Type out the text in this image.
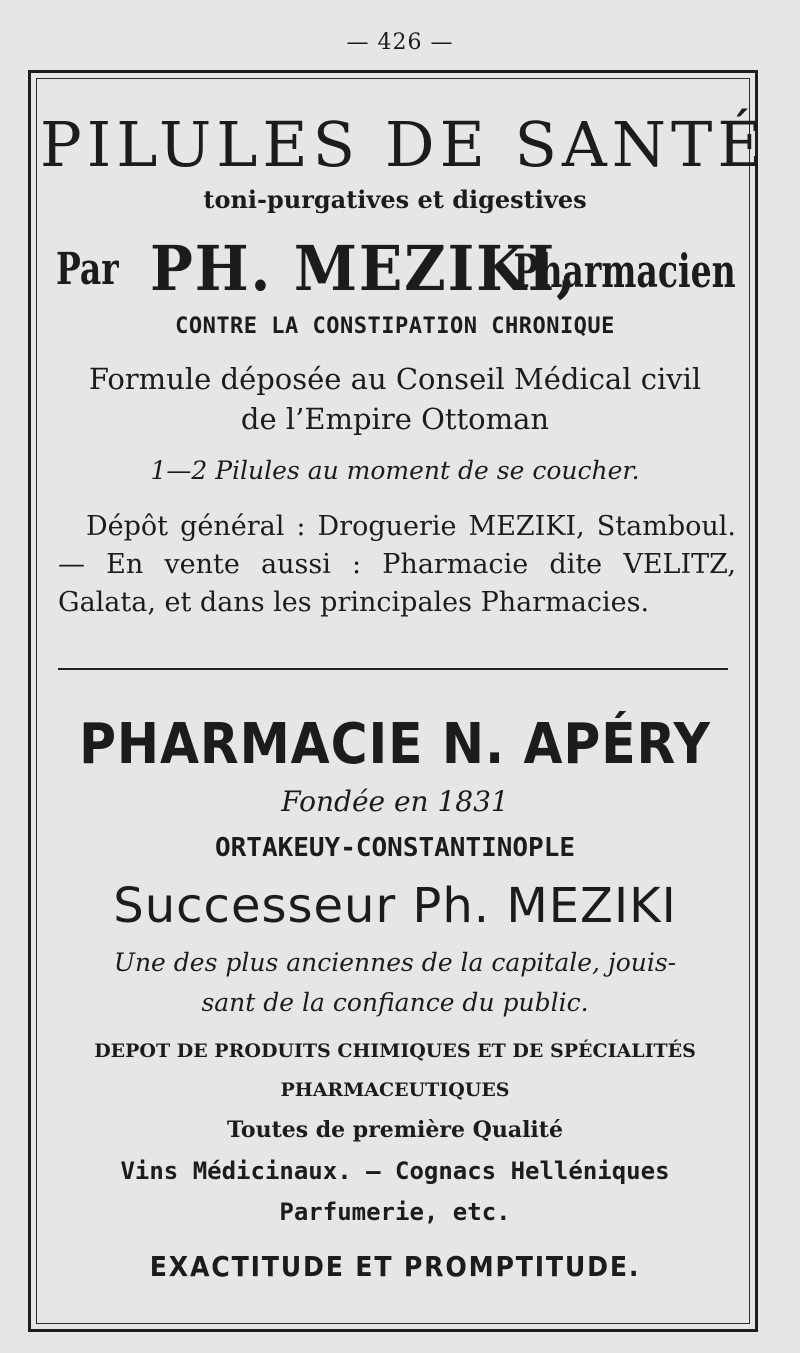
— 426 —
PILULES DE SANTÉ
toni-purgatives et digestives
Par PH. MEZIKI,
Pharmacien
CONTRE LA CONSTIPATION CHRONIQUE
Formule déposée au Conseil Médical civil
de l’Empire Ottoman
1—2 Pilules au moment de se coucher.
Dépôt général : Droguerie MEZIKI, Stamboul. — En vente aussi : Pharmacie dite VELITZ, Galata, et dans les principales Pharmacies.
PHARMACIE N. APÉRY
Fondée en 1831
ORTAKEUY-CONSTANTINOPLE
Successeur Ph. MEZIKI
Une des plus anciennes de la capitale, jouis-
sant de la confiance du public.
DEPOT DE PRODUITS CHIMIQUES ET DE SPÉCIALITÉS
PHARMACEUTIQUES
Toutes de première Qualité
Vins Médicinaux. — Cognacs Helléniques
Parfumerie, etc.
EXACTITUDE ET PROMPTITUDE.
